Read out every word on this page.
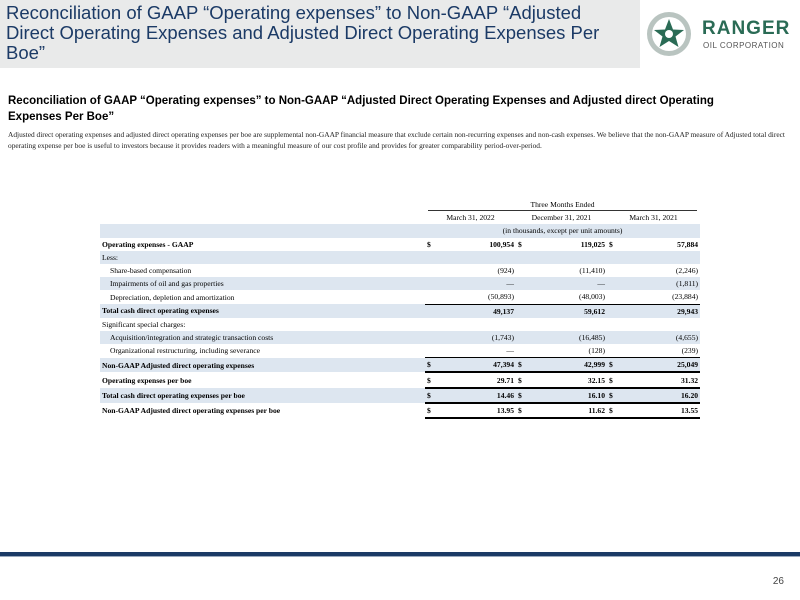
Reconciliation of GAAP “Operating expenses” to Non-GAAP “Adjusted Direct Operating Expenses and Adjusted Direct Operating Expenses Per Boe”
RANGER
OIL CORPORATION
Reconciliation of GAAP “Operating expenses” to Non-GAAP “Adjusted Direct Operating Expenses and Adjusted direct Operating Expenses Per Boe”

Adjusted direct operating expenses and adjusted direct operating expenses per boe are supplemental non-GAAP financial measure that exclude certain non-recurring expenses and non-cash expenses. We believe that the non-GAAP measure of Adjusted total direct operating expense per boe is useful to investors because it provides readers with a meaningful measure of our cost profile and provides for greater comparability period-over-period.

	Three Months Ended					
	March 31, 2022		December 31, 2021		March 31, 2021	
	(in thousands, except per unit amounts)					
Operating expenses - GAAP	$	100,954	$	119,025	$	57,884
Less:						
Share-based compensation		(924)		(11,410)		(2,246)
Impairments of oil and gas properties		—		—		(1,811)
Depreciation, depletion and amortization		(50,893)		(48,003)		(23,884)
Total cash direct operating expenses		49,137		59,612		29,943
Significant special charges:						
Acquisition/integration and strategic transaction costs		(1,743)		(16,485)		(4,655)
Organizational restructuring, including severance		—		(128)		(239)
Non-GAAP Adjusted direct operating expenses	$	47,394	$	42,999	$	25,049
Operating expenses per boe	$	29.71	$	32.15	$	31.32
Total cash direct operating expenses per boe	$	14.46	$	16.10	$	16.20
Non-GAAP Adjusted direct operating expenses per boe	$	13.95	$	11.62	$	13.55
26
